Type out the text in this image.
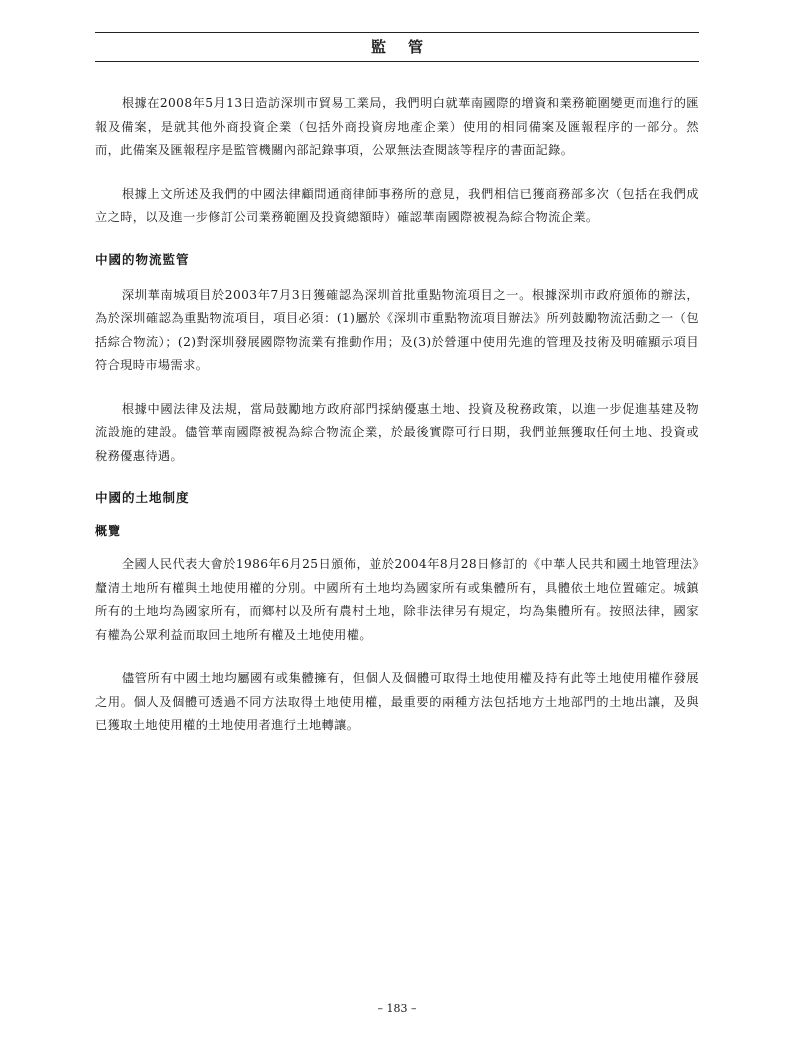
監管

根據在2008年5月13日造訪深圳市貿易工業局，我們明白就華南國際的增資和業務範圍變更而進行的匯報及備案，是就其他外商投資企業（包括外商投資房地產企業）使用的相同備案及匯報程序的一部分。然而，此備案及匯報程序是監管機關內部記錄事項，公眾無法查閱該等程序的書面記錄。

根據上文所述及我們的中國法律顧問通商律師事務所的意見，我們相信已獲商務部多次（包括在我們成立之時，以及進一步修訂公司業務範圍及投資總額時）確認華南國際被視為綜合物流企業。

中國的物流監管

深圳華南城項目於2003年7月3日獲確認為深圳首批重點物流項目之一。根據深圳市政府頒佈的辦法，為於深圳確認為重點物流項目，項目必須：(1)屬於《深圳市重點物流項目辦法》所列鼓勵物流活動之一（包括綜合物流）；(2)對深圳發展國際物流業有推動作用；及(3)於營運中使用先進的管理及技術及明確顯示項目符合現時市場需求。

根據中國法律及法規，當局鼓勵地方政府部門採納優惠土地、投資及稅務政策，以進一步促進基建及物流設施的建設。儘管華南國際被視為綜合物流企業，於最後實際可行日期，我們並無獲取任何土地、投資或稅務優惠待遇。

中國的土地制度
概覽

全國人民代表大會於1986年6月25日頒佈，並於2004年8月28日修訂的《中華人民共和國土地管理法》釐清土地所有權與土地使用權的分別。中國所有土地均為國家所有或集體所有，具體依土地位置確定。城鎮所有的土地均為國家所有，而鄉村以及所有農村土地，除非法律另有規定，均為集體所有。按照法律，國家有權為公眾利益而取回土地所有權及土地使用權。

儘管所有中國土地均屬國有或集體擁有，但個人及個體可取得土地使用權及持有此等土地使用權作發展之用。個人及個體可透過不同方法取得土地使用權，最重要的兩種方法包括地方土地部門的土地出讓，及與已獲取土地使用權的土地使用者進行土地轉讓。

– 183 –
